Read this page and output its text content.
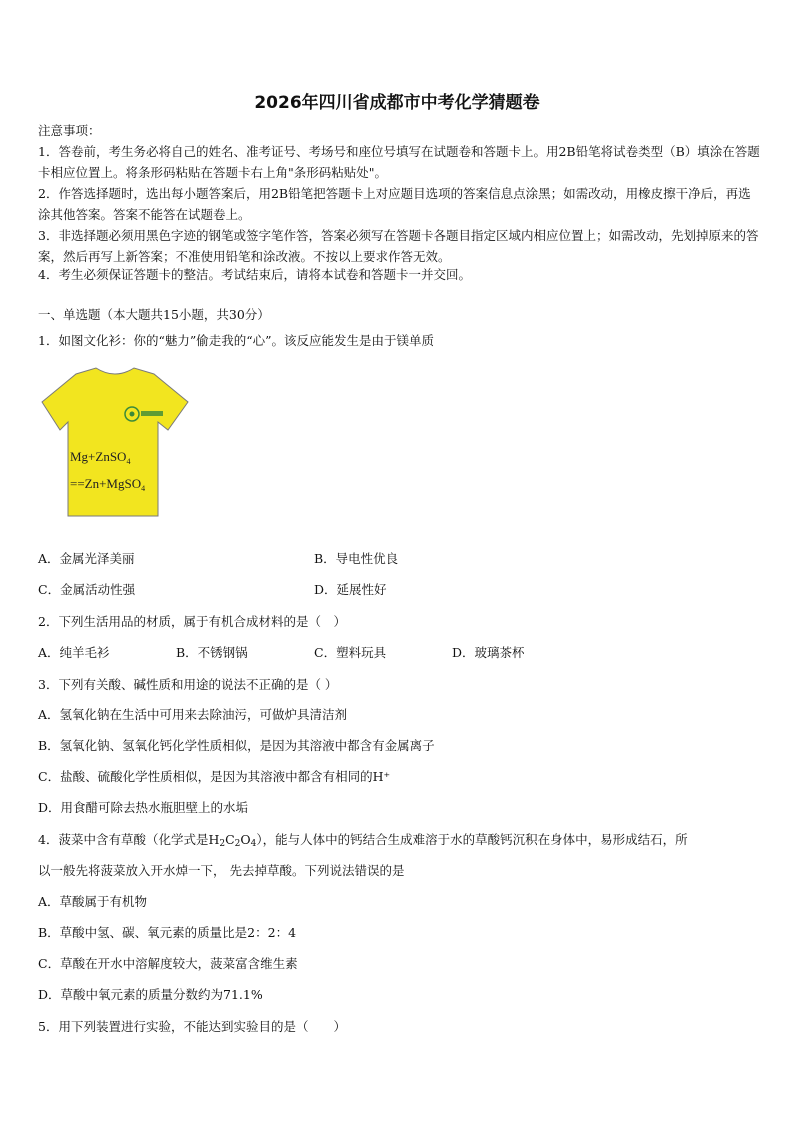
2026年四川省成都市中考化学猜题卷
注意事项：
1．答卷前，考生务必将自己的姓名、准考证号、考场号和座位号填写在试题卷和答题卡上。用2B铅笔将试卷类型（B）填涂在答题卡相应位置上。将条形码粘贴在答题卡右上角"条形码粘贴处"。
2．作答选择题时，选出每小题答案后，用2B铅笔把答题卡上对应题目选项的答案信息点涂黑；如需改动，用橡皮擦干净后，再选涂其他答案。答案不能答在试题卷上。
3．非选择题必须用黑色字迹的钢笔或签字笔作答，答案必须写在答题卡各题目指定区域内相应位置上；如需改动，先划掉原来的答案，然后再写上新答案；不准使用铅笔和涂改液。不按以上要求作答无效。
4．考生必须保证答题卡的整洁。考试结束后，请将本试卷和答题卡一并交回。
一、单选题（本大题共15小题，共30分）
1．如图文化衫：你的“魅力”偷走我的“心”。该反应能发生是由于镁单质
Mg+ZnSO$_4$
==Zn+MgSO$_4$
A．金属光泽美丽	B．导电性优良
C．金属活动性强	D．延展性好
2．下列生活用品的材质，属于有机合成材料的是（　）
A．纯羊毛衫	B．不锈钢锅	C．塑料玩具	D．玻璃茶杯
3．下列有关酸、碱性质和用途的说法不正确的是（ ）
A．氢氧化钠在生活中可用来去除油污，可做炉具清洁剂
B．氢氧化钠、氢氧化钙化学性质相似，是因为其溶液中都含有金属离子
C．盐酸、硫酸化学性质相似，是因为其溶液中都含有相同的H⁺
D．用食醋可除去热水瓶胆壁上的水垢
4．菠菜中含有草酸（化学式是$H_2C_2O_4$），能与人体中的钙结合生成难溶于水的草酸钙沉积在身体中，易形成结石，所
以一般先将菠菜放入开水焯一下， 先去掉草酸。下列说法错误的是
A．草酸属于有机物
B．草酸中氢、碳、氧元素的质量比是2：2：4
C．草酸在开水中溶解度较大，菠菜富含维生素
D．草酸中氧元素的质量分数约为71.1%
5．用下列装置进行实验，不能达到实验目的是（　　）
